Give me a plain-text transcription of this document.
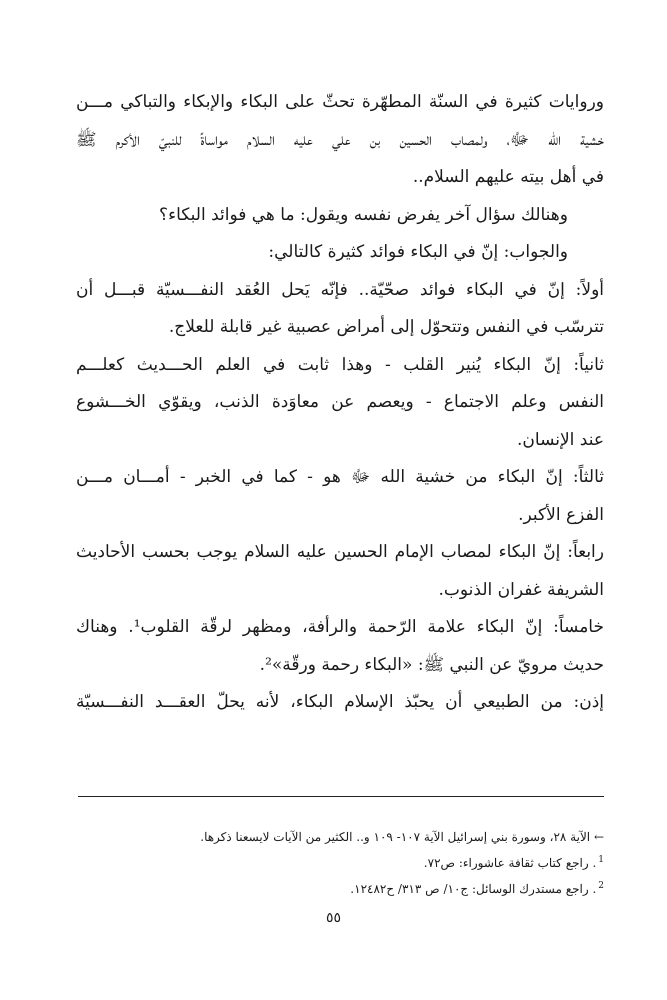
وروايات كثيرة في السنّة المطهّرة تحثّ على البكاء والإبكاء والتباكي مـــن
خشية الله ﷻ، ولمصاب الحسين بن علي عليه السلام مواساةً للنبيّ الأكرم ﷺ
في أهل بيته عليهم السلام..
وهنالك سؤال آخر يفرض نفسه ويقول: ما هي فوائد البكاء؟
والجواب: إنّ في البكاء فوائد كثيرة كالتالي:
أولاً: إنّ في البكاء فوائد صحّيّة.. فإنّه يَحل العُقد النفـــسيّة قبـــل أن
تترسّب في النفس وتتحوّل إلى أمراض عصبية غير قابلة للعلاج.
ثانياً: إنّ البكاء يُنير القلب - وهذا ثابت في العلم الحـــديث كعلـــم
النفس وعلم الاجتماع - ويعصم عن معاوَدة الذنب، ويقوّي الخـــشوع
عند الإنسان.
ثالثاً: إنّ البكاء من خشية الله ﷻ هو - كما في الخبر - أمـــان مـــن
الفزع الأكبر.
رابعاً: إنّ البكاء لمصاب الإمام الحسين عليه السلام يوجب بحسب الأحاديث
الشريفة غفران الذنوب.
خامساً: إنّ البكاء علامة الرّحمة والرأفة، ومظهر لرقّة القلوب¹. وهناك
حديث مرويّ عن النبي ﷺ: «البكاء رحمة ورقّة»².
إذن: من الطبيعي أن يحبّذ الإسلام البكاء، لأنه يحلّ العقـــد النفـــسيّة
← الآية ٢٨، وسورة بني إسرائيل الآية ١٠٧- ١٠٩ و.. الكثير من الآيات لايسعنا ذكرها.
$^1$. راجع كتاب ثقافة عاشوراء: ص٧٢.
$^2$. راجع مستدرك الوسائل: ج١٠/ ص ٣١٣/ ح١٢٤٨٢.
٥٥
